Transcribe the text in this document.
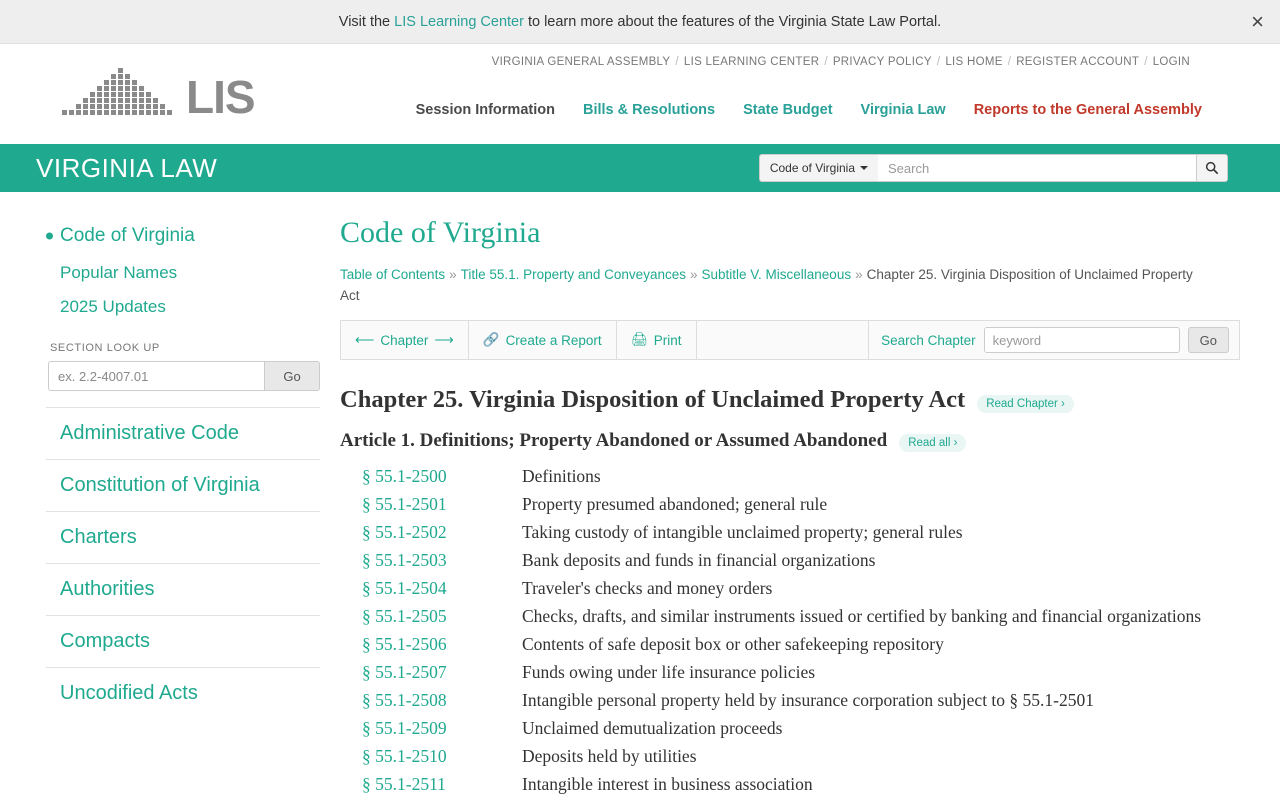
Visit the LIS Learning Center to learn more about the features of the Virginia State Law Portal.	×
VIRGINIA GENERAL ASSEMBLY / LIS LEARNING CENTER / PRIVACY POLICY / LIS HOME / REGISTER ACCOUNT / LOGIN
LIS	Session Information Bills & Resolutions State Budget Virginia Law Reports to the General Assembly
VIRGINIA LAW	Code of Virginia
Search
Code of Virginia
Popular Names
2025 Updates
SECTION LOOK UP
ex. 2.2-4007.01
Go
Administrative Code
Constitution of Virginia
Charters
Authorities
Compacts
Uncodified Acts
Code of Virginia
Table of Contents » Title 55.1. Property and Conveyances » Subtitle V. Miscellaneous » Chapter 25. Virginia Disposition of Unclaimed Property Act
⟵ Chapter ⟶ 🔗 Create a Report 🖨 Print	Search Chapter
keyword	Go
Chapter 25. Virginia Disposition of Unclaimed Property Act	Read Chapter ›
Article 1. Definitions; Property Abandoned or Assumed Abandoned	Read all ›
§ 55.1-2500	Definitions
§ 55.1-2501	Property presumed abandoned; general rule
§ 55.1-2502	Taking custody of intangible unclaimed property; general rules
§ 55.1-2503	Bank deposits and funds in financial organizations
§ 55.1-2504	Traveler's checks and money orders
§ 55.1-2505	Checks, drafts, and similar instruments issued or certified by banking and financial organizations
§ 55.1-2506	Contents of safe deposit box or other safekeeping repository
§ 55.1-2507	Funds owing under life insurance policies
§ 55.1-2508	Intangible personal property held by insurance corporation subject to § 55.1-2501
§ 55.1-2509	Unclaimed demutualization proceeds
§ 55.1-2510	Deposits held by utilities
§ 55.1-2511	Intangible interest in business association
